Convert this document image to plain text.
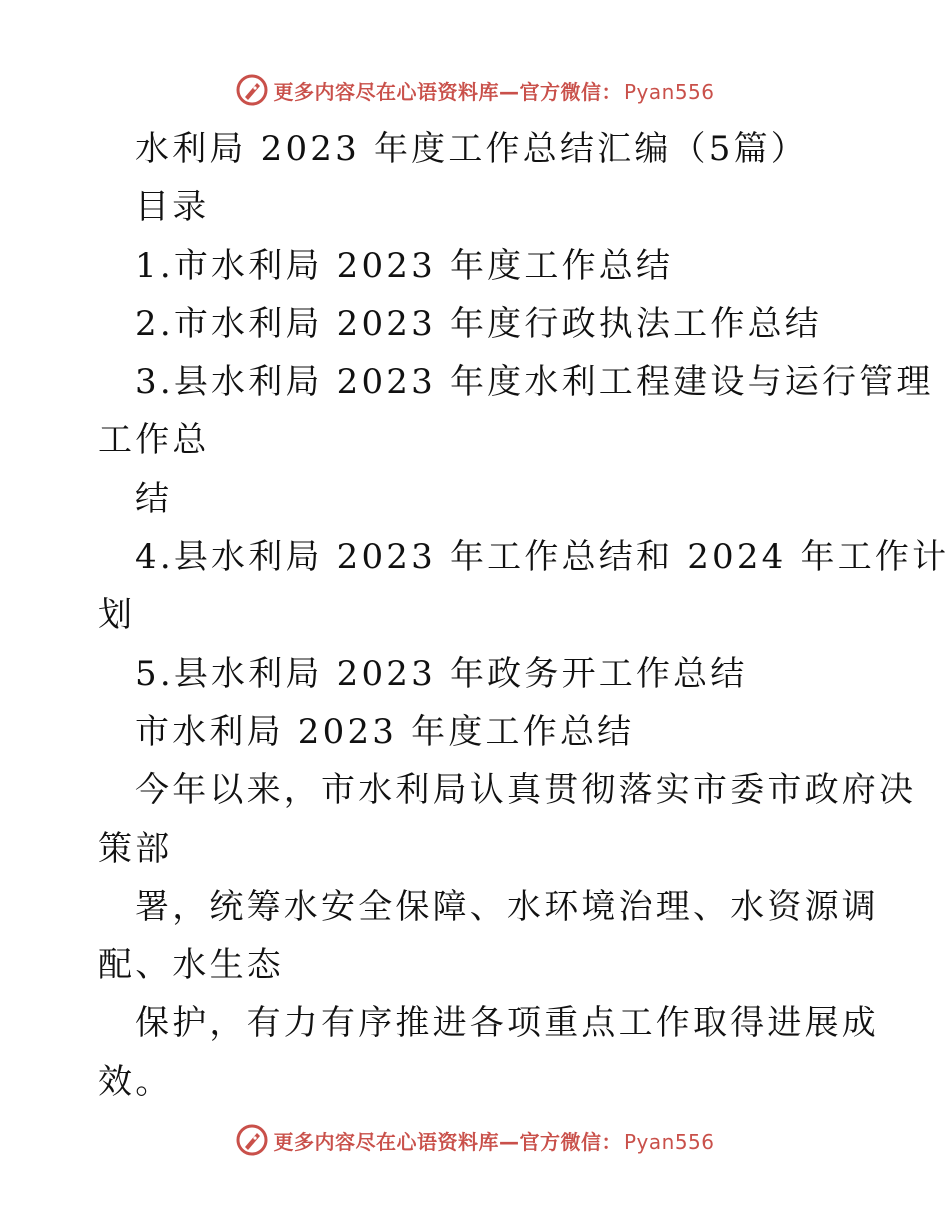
更多内容尽在心语资料库—官方微信： Pyan556
水利局 2023 年度工作总结汇编（5篇）
目录
1.市水利局 2023 年度工作总结
2.市水利局 2023 年度行政执法工作总结
3.县水利局 2023 年度水利工程建设与运行管理
工作总
结
4.县水利局 2023 年工作总结和 2024 年工作计
划
5.县水利局 2023 年政务开工作总结
市水利局 2023 年度工作总结
今年以来，市水利局认真贯彻落实市委市政府决
策部
署，统筹水安全保障、水环境治理、水资源调
配、水生态
保护，有力有序推进各项重点工作取得进展成
效。
更多内容尽在心语资料库—官方微信： Pyan556
